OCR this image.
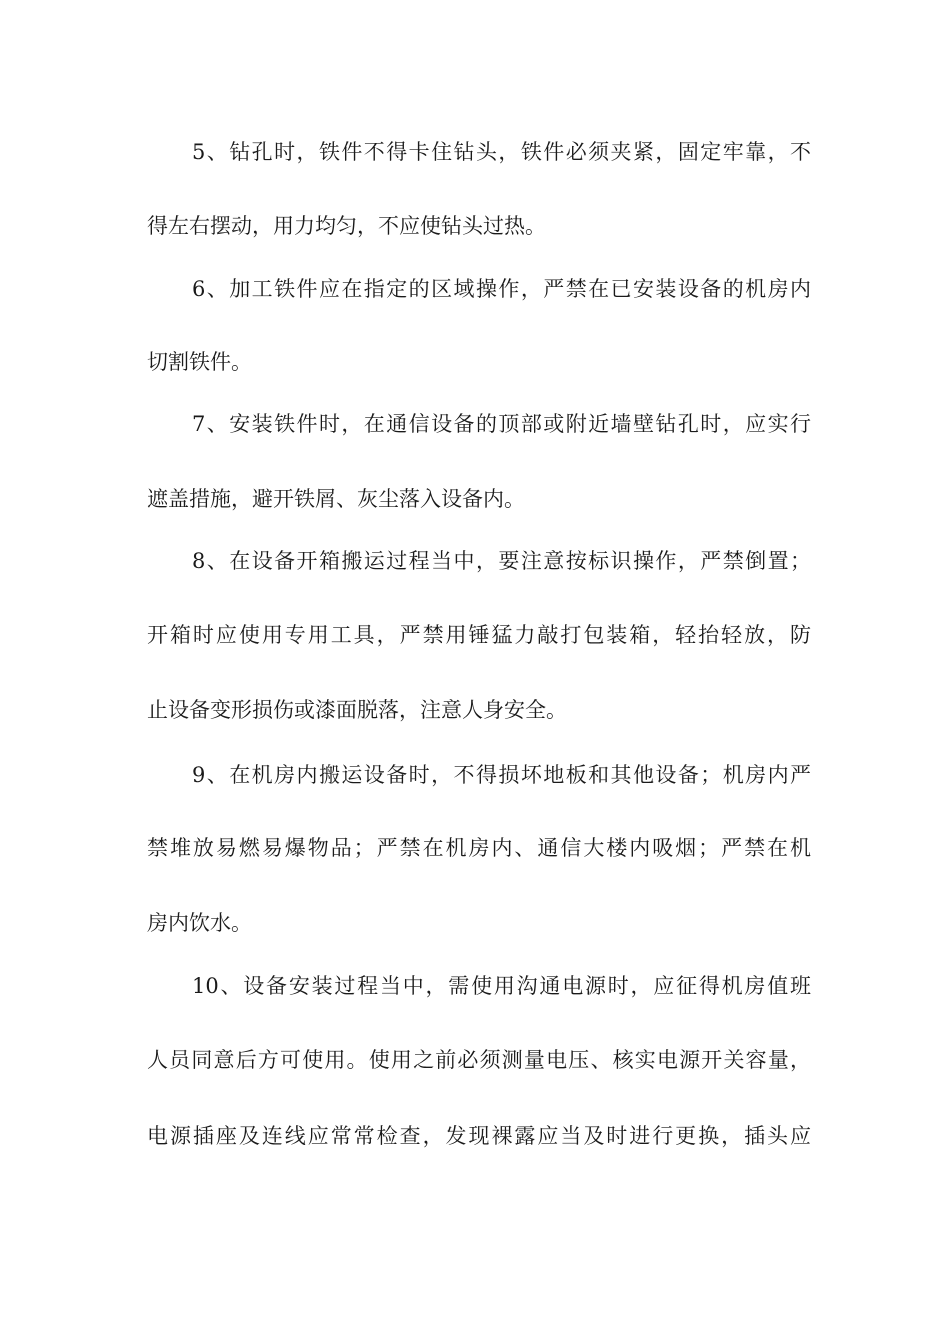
5、钻孔时，铁件不得卡住钻头，铁件必须夹紧，固定牢靠，不
得左右摆动，用力均匀，不应使钻头过热。
6、加工铁件应在指定的区域操作，严禁在已安装设备的机房内
切割铁件。
7、安装铁件时，在通信设备的顶部或附近墙壁钻孔时，应实行
遮盖措施，避开铁屑、灰尘落入设备内。
8、在设备开箱搬运过程当中，要注意按标识操作，严禁倒置；
开箱时应使用专用工具，严禁用锤猛力敲打包装箱，轻抬轻放，防
止设备变形损伤或漆面脱落，注意人身安全。
9、在机房内搬运设备时，不得损坏地板和其他设备；机房内严
禁堆放易燃易爆物品；严禁在机房内、通信大楼内吸烟；严禁在机
房内饮水。
10、设备安装过程当中，需使用沟通电源时，应征得机房值班
人员同意后方可使用。使用之前必须测量电压、核实电源开关容量，
电源插座及连线应常常检查，发现裸露应当及时进行更换，插头应
